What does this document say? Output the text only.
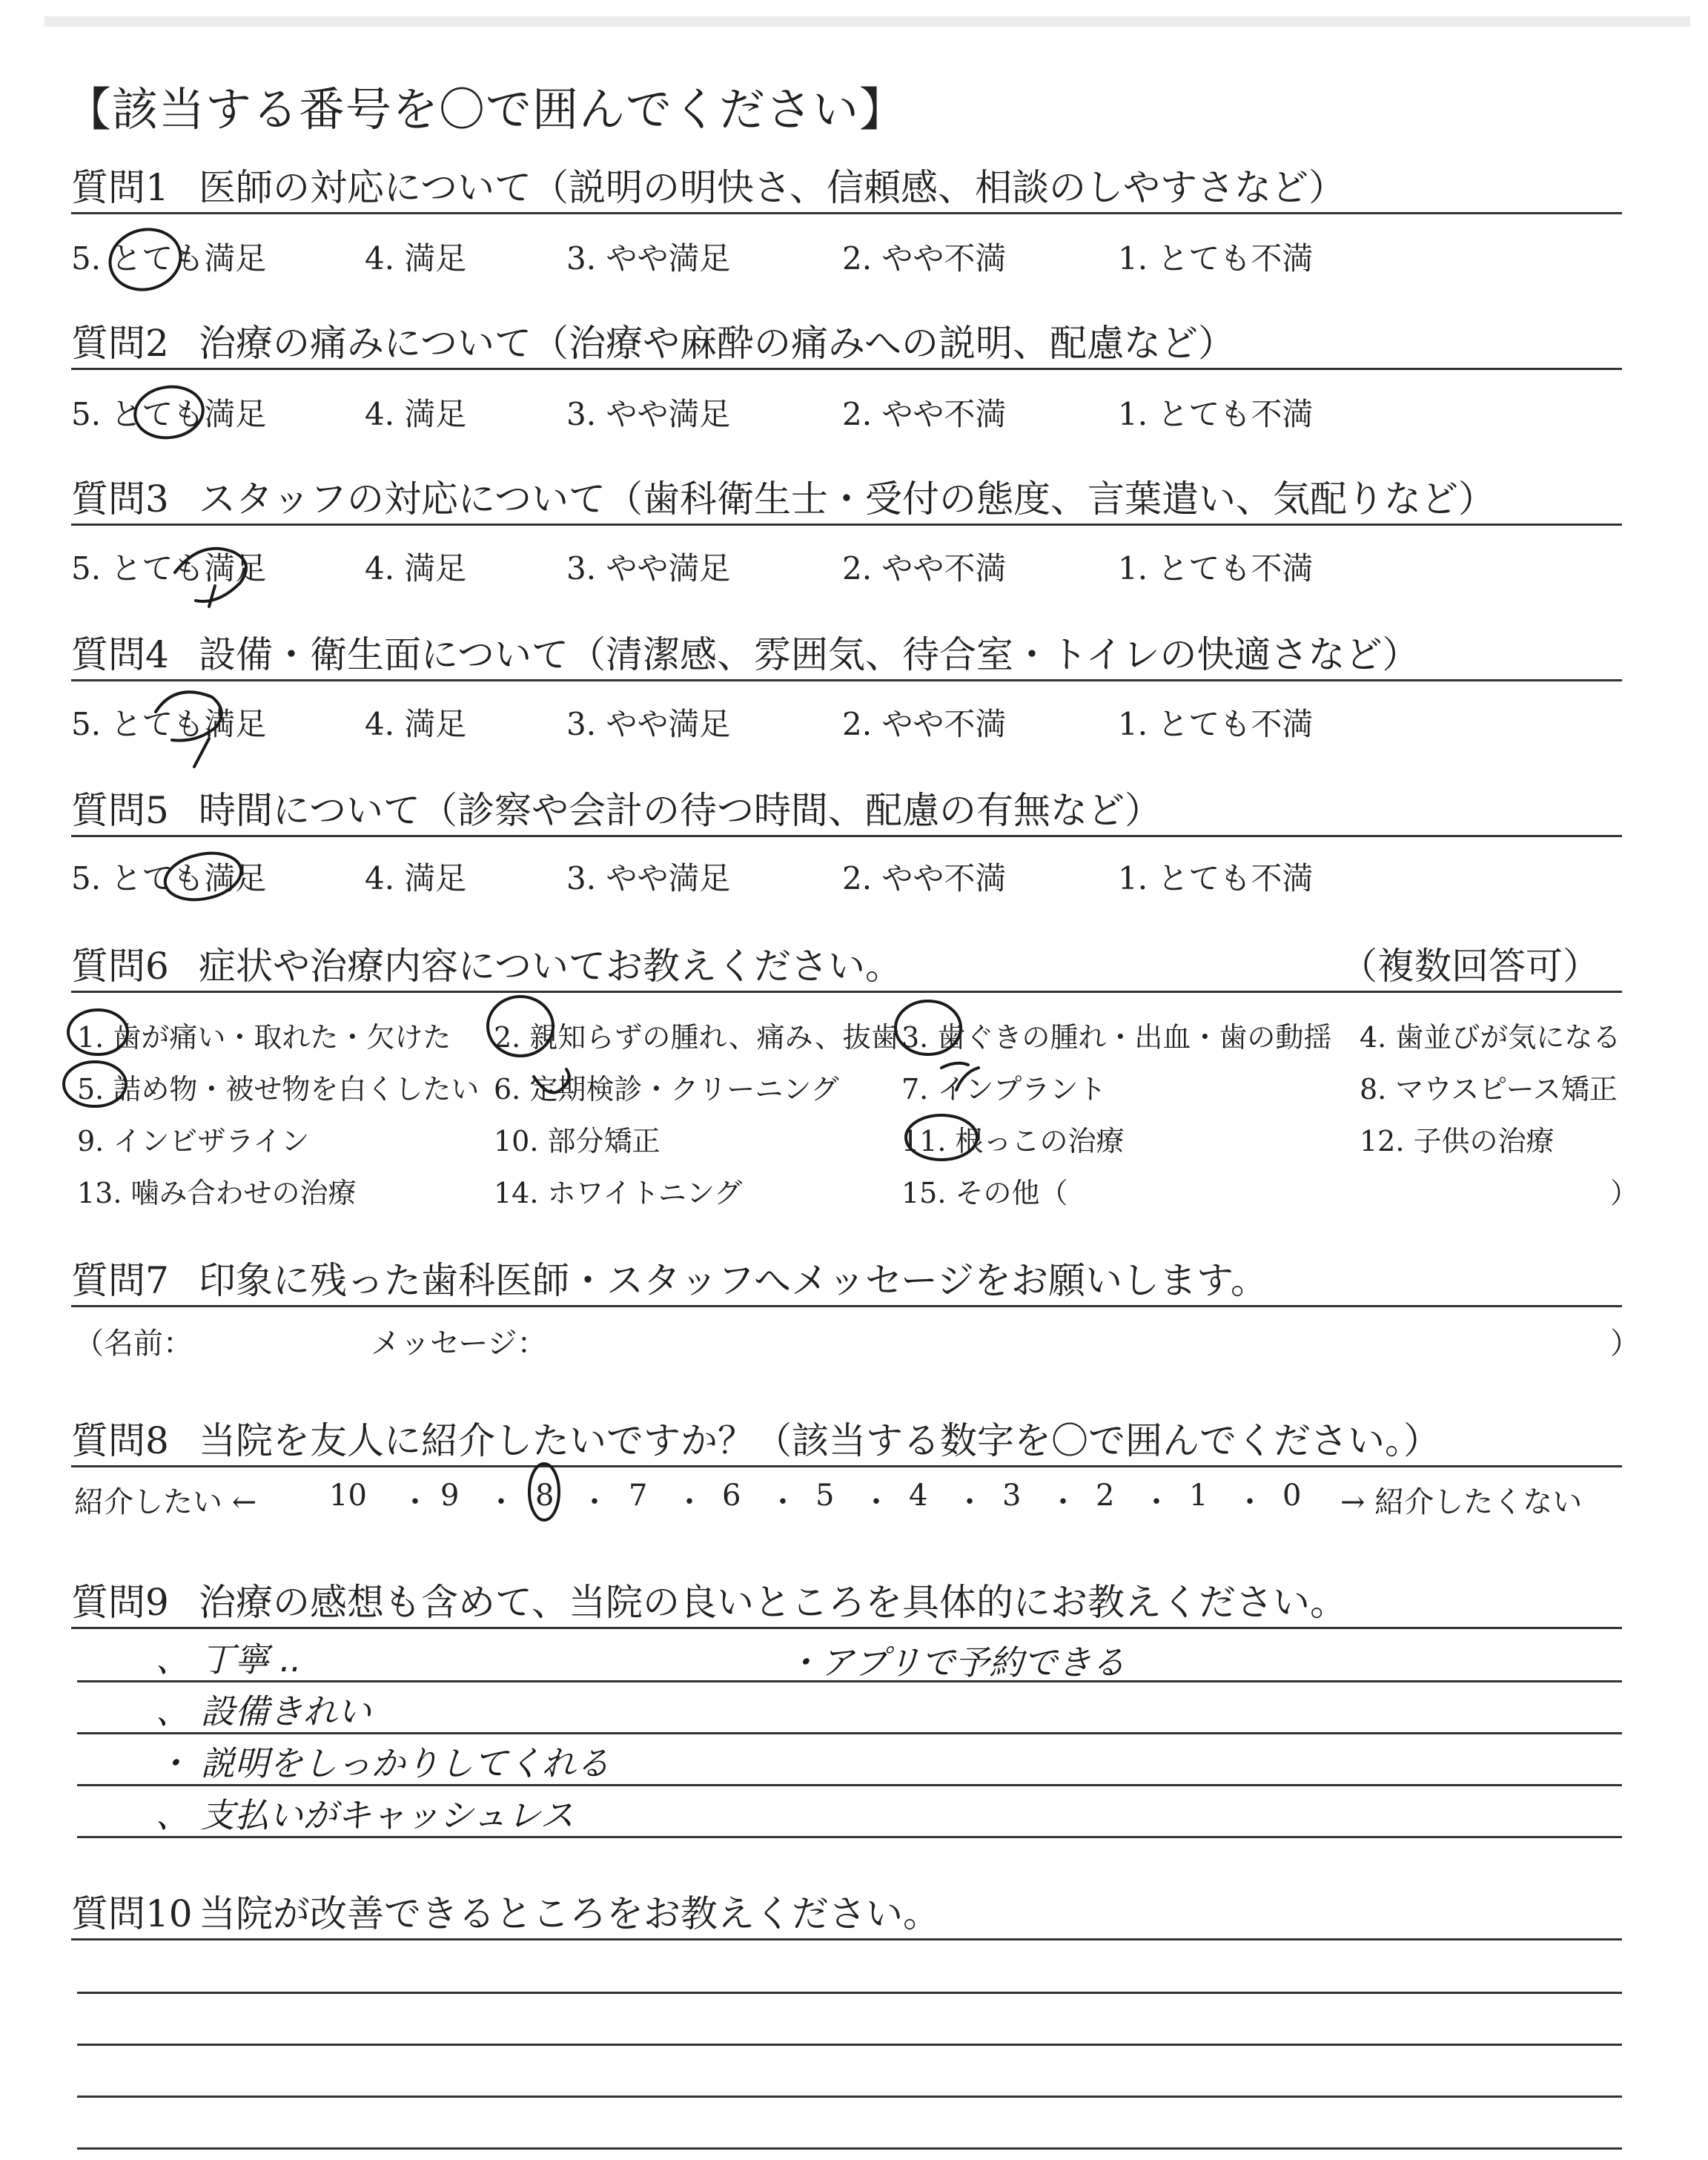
【該当する番号を〇で囲んでください】
質問1 医師の対応について（説明の明快さ、信頼感、相談のしやすさなど）
5. とても満足	4. 満足	3. やや満足	2. やや不満	1. とても不満
質問2 治療の痛みについて（治療や麻酔の痛みへの説明、配慮など）
5. とても満足	4. 満足	3. やや満足	2. やや不満	1. とても不満
質問3 スタッフの対応について（歯科衛生士・受付の態度、言葉遣い、気配りなど）
5. とても満足	4. 満足	3. やや満足	2. やや不満	1. とても不満
質問4 設備・衛生面について（清潔感、雰囲気、待合室・トイレの快適さなど）
5. とても満足	4. 満足	3. やや満足	2. やや不満	1. とても不満
質問5 時間について（診察や会計の待つ時間、配慮の有無など）
5. とても満足	4. 満足	3. やや満足	2. やや不満	1. とても不満
質問6 症状や治療内容についてお教えください。	（複数回答可）
1. 歯が痛い・取れた・欠けた 2. 親知らずの腫れ、痛み、抜歯 3. 歯ぐきの腫れ・出血・歯の動揺 4. 歯並びが気になる
5. 詰め物・被せ物を白くしたい 6. 定期検診・クリーニング 7. インプラント	8. マウスピース矯正
9. インビザライン	10. 部分矯正	11. 根っこの治療	12. 子供の治療
13. 噛み合わせの治療	14. ホワイトニング	15. その他（	）
質問7 印象に残った歯科医師・スタッフへメッセージをお願いします。
（名前：	メッセージ：	）
質問8 当院を友人に紹介したいですか？（該当する数字を〇で囲んでください。）
紹介したい ← 10 ・ 9 ・ 8 ・ 7 ・ 6 ・ 5 ・ 4 ・ 3 ・ 2 ・ 1 ・ 0 → 紹介したくない
質問9 治療の感想も含めて、当院の良いところを具体的にお教えください。
、 丁寧 ..	・アプリで予約できる
、 設備きれい
・ 説明をしっかりしてくれる
、 支払いがキャッシュレス
質問10 当院が改善できるところをお教えください。
